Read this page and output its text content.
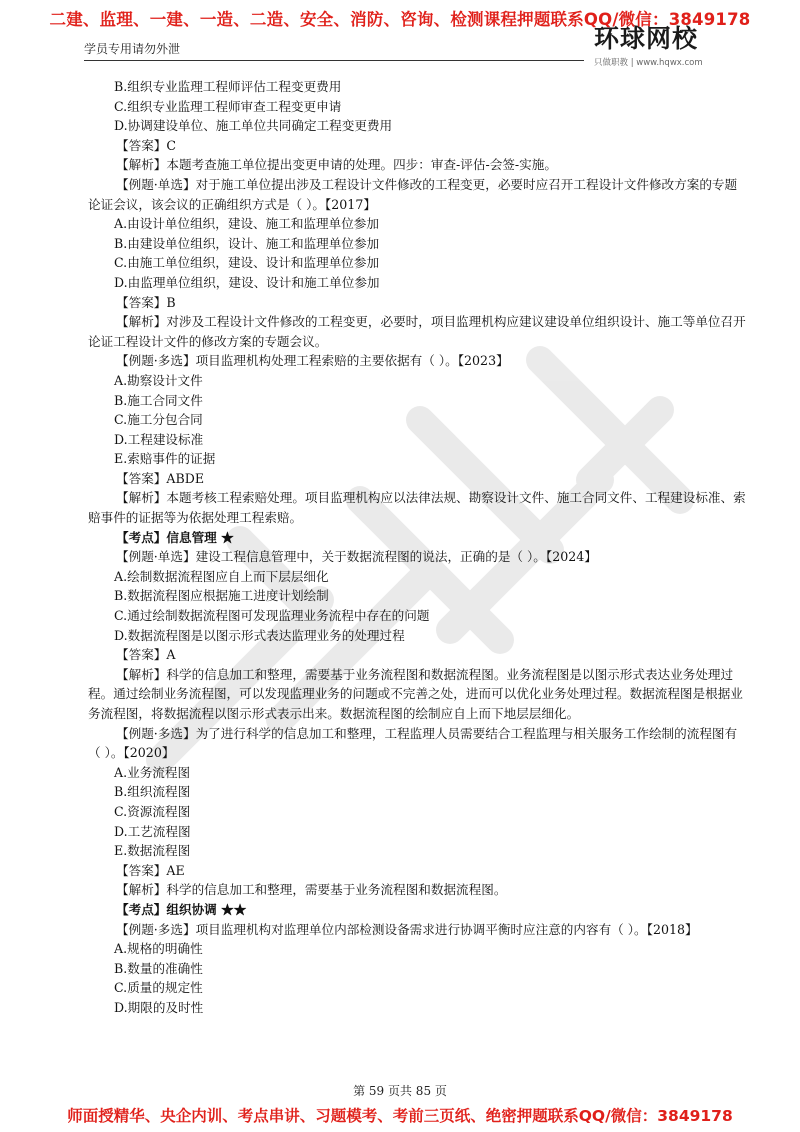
二建、监理、一建、一造、二造、安全、消防、咨询、检测课程押题联系QQ/微信：3849178
学员专用请勿外泄	环球网校
只做职教 | www.hqwx.com

B.组织专业监理工程师评估工程变更费用

C.组织专业监理工程师审查工程变更申请

D.协调建设单位、施工单位共同确定工程变更费用

【答案】C

【解析】本题考查施工单位提出变更申请的处理。四步：审查-评估-会签-实施。

【例题·单选】对于施工单位提出涉及工程设计文件修改的工程变更，必要时应召开工程设计文件修改方案的专题论证会议，该会议的正确组织方式是（ ）。【2017】

A.由设计单位组织，建设、施工和监理单位参加

B.由建设单位组织，设计、施工和监理单位参加

C.由施工单位组织，建设、设计和监理单位参加

D.由监理单位组织，建设、设计和施工单位参加

【答案】B

【解析】对涉及工程设计文件修改的工程变更，必要时，项目监理机构应建议建设单位组织设计、施工等单位召开论证工程设计文件的修改方案的专题会议。

【例题·多选】项目监理机构处理工程索赔的主要依据有（ ）。【2023】

A.勘察设计文件

B.施工合同文件

C.施工分包合同

D.工程建设标准

E.索赔事件的证据

【答案】ABDE

【解析】本题考核工程索赔处理。项目监理机构应以法律法规、勘察设计文件、施工合同文件、工程建设标准、索赔事件的证据等为依据处理工程索赔。

【考点】信息管理 ★

【例题·单选】建设工程信息管理中，关于数据流程图的说法，正确的是（ ）。【2024】

A.绘制数据流程图应自上而下层层细化

B.数据流程图应根据施工进度计划绘制

C.通过绘制数据流程图可发现监理业务流程中存在的问题

D.数据流程图是以图示形式表达监理业务的处理过程

【答案】A

【解析】科学的信息加工和整理，需要基于业务流程图和数据流程图。业务流程图是以图示形式表达业务处理过程。通过绘制业务流程图，可以发现监理业务的问题或不完善之处，进而可以优化业务处理过程。数据流程图是根据业务流程图，将数据流程以图示形式表示出来。数据流程图的绘制应自上而下地层层细化。

【例题·多选】为了进行科学的信息加工和整理，工程监理人员需要结合工程监理与相关服务工作绘制的流程图有（ ）。【2020】

A.业务流程图

B.组织流程图

C.资源流程图

D.工艺流程图

E.数据流程图

【答案】AE

【解析】科学的信息加工和整理，需要基于业务流程图和数据流程图。

【考点】组织协调 ★★

【例题·多选】项目监理机构对监理单位内部检测设备需求进行协调平衡时应注意的内容有（ ）。【2018】

A.规格的明确性

B.数量的准确性

C.质量的规定性

D.期限的及时性

第 59 页共 85 页
师面授精华、央企内训、考点串讲、习题模考、考前三页纸、绝密押题联系QQ/微信：3849178
